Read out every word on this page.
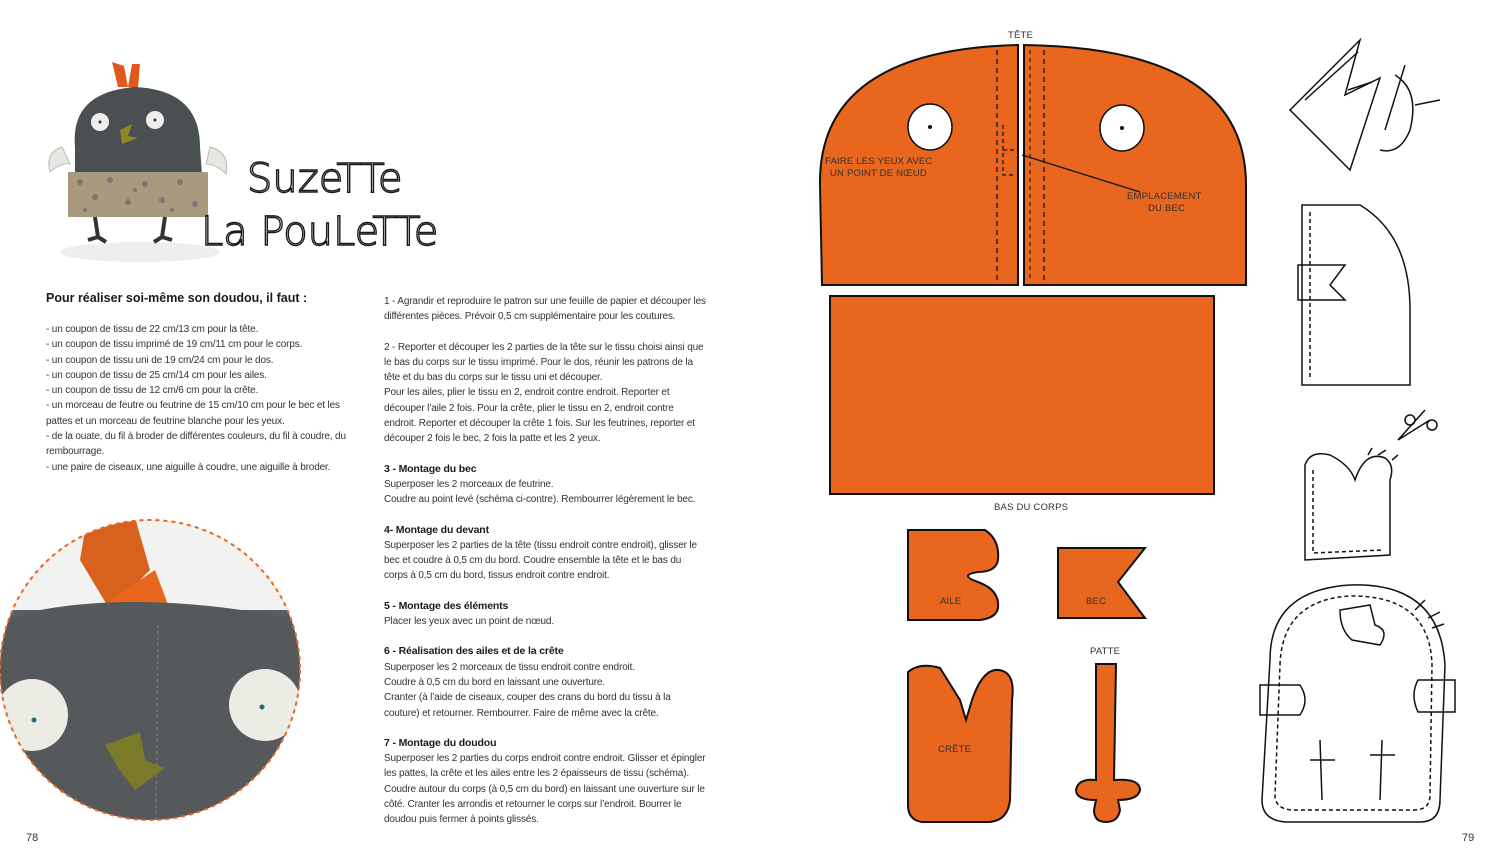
SuzeTTe
La PouLeTTe
Pour réaliser soi-même son doudou, il faut :
- un coupon de tissu de 22 cm/13 cm pour la tête.
- un coupon de tissu imprimé de 19 cm/11 cm pour le corps.
- un coupon de tissu uni de 19 cm/24 cm pour le dos.
- un coupon de tissu de 25 cm/14 cm pour les ailes.
- un coupon de tissu de 12 cm/6 cm pour la crête.
- un morceau de feutre ou feutrine de 15 cm/10 cm pour le bec et les pattes et un morceau de feutrine blanche pour les yeux.
- de la ouate, du fil à broder de différentes couleurs, du fil à coudre, du rembourrage.
- une paire de ciseaux, une aiguille à coudre, une aiguille à broder.
1 - Agrandir et reproduire le patron sur une feuille de papier et découper les différentes pièces. Prévoir 0,5 cm supplémentaire pour les coutures.
2 - Reporter et découper les 2 parties de la tête sur le tissu choisi ainsi que le bas du corps sur le tissu imprimé. Pour le dos, réunir les patrons de la tête et du bas du corps sur le tissu uni et découper.
Pour les ailes, plier le tissu en 2, endroit contre endroit. Reporter et découper l’aile 2 fois. Pour la crête, plier le tissu en 2, endroit contre endroit. Reporter et découper la crête 1 fois. Sur les feutrines, reporter et découper 2 fois le bec, 2 fois la patte et les 2 yeux.
3 - Montage du bec
Superposer les 2 morceaux de feutrine.
Coudre au point levé (schéma ci-contre). Rembourrer légèrement le bec.
4- Montage du devant
Superposer les 2 parties de la tête (tissu endroit contre endroit), glisser le bec et coudre à 0,5 cm du bord. Coudre ensemble la tête et le bas du corps à 0,5 cm du bord, tissus endroit contre endroit.
5 - Montage des éléments
Placer les yeux avec un point de nœud.
6 - Réalisation des ailes et de la crête
Superposer les 2 morceaux de tissu endroit contre endroit.
Coudre à 0,5 cm du bord en laissant une ouverture.
Cranter (à l’aide de ciseaux, couper des crans du bord du tissu à la couture) et retourner. Rembourrer. Faire de même avec la crête.
7 - Montage du doudou
Superposer les 2 parties du corps endroit contre endroit. Glisser et épingler les pattes, la crête et les ailes entre les 2 épaisseurs de tissu (schéma). Coudre autour du corps (à 0,5 cm du bord) en laissant une ouverture sur le côté. Cranter les arrondis et retourner le corps sur l’endroit. Bourrer le doudou puis fermer à points glissés.
78
TÊTE
FAIRE LES YEUX AVEC
UN POINT DE NŒUD
EMPLACEMENT
DU BEC
BAS DU CORPS
AILE	BEC
PATTE
CRÊTE
79
